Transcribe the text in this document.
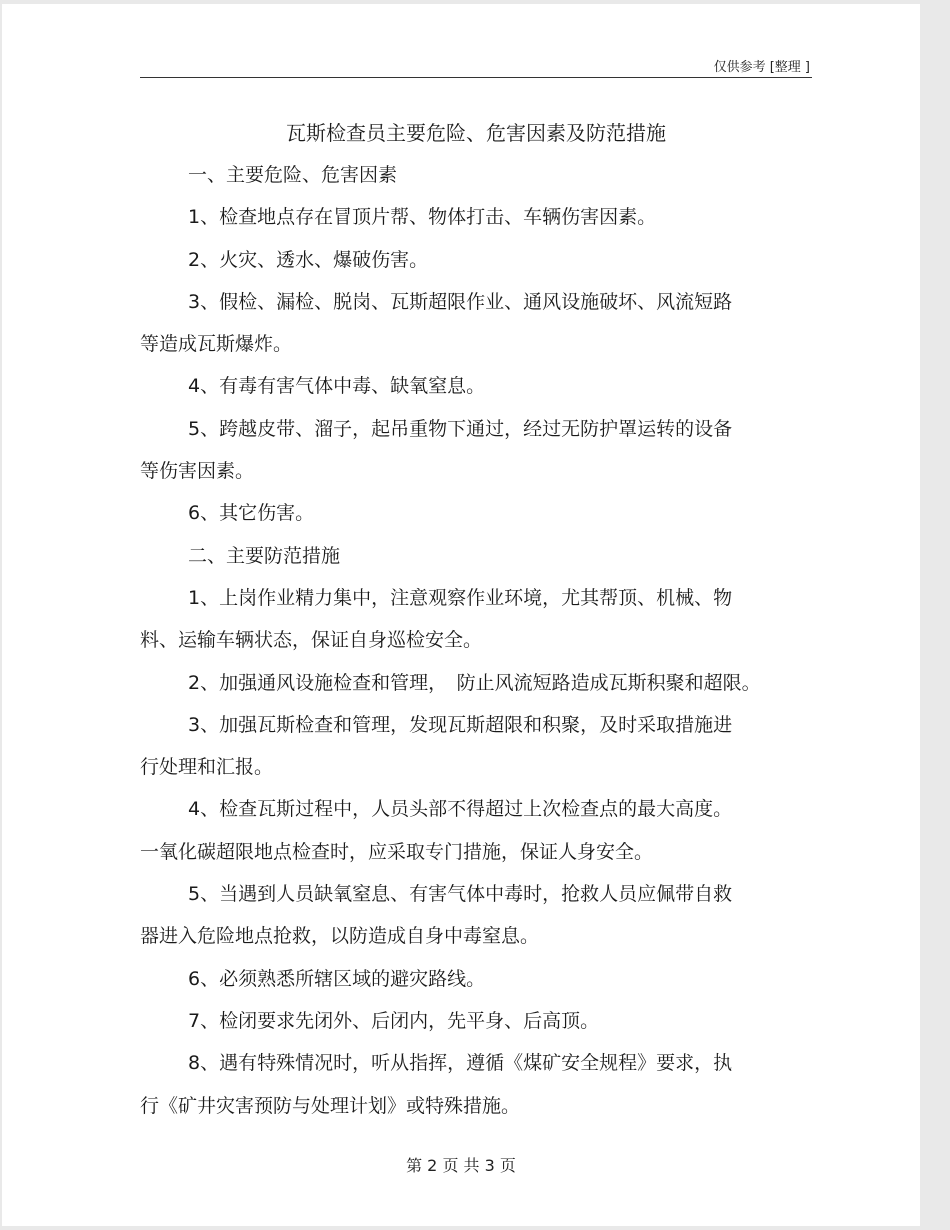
仅供参考 [整理 ]
瓦斯检查员主要危险、危害因素及防范措施

一、主要危险、危害因素

1、检查地点存在冒顶片帮、物体打击、车辆伤害因素。

2、火灾、透水、爆破伤害。

3、假检、漏检、脱岗、瓦斯超限作业、通风设施破坏、风流短路

等造成瓦斯爆炸。

4、有毒有害气体中毒、缺氧窒息。

5、跨越皮带、溜子，起吊重物下通过，经过无防护罩运转的设备

等伤害因素。

6、其它伤害。

二、主要防范措施

1、上岗作业精力集中，注意观察作业环境，尤其帮顶、机械、物

料、运输车辆状态，保证自身巡检安全。

2、加强通风设施检查和管理，　防止风流短路造成瓦斯积聚和超限。

3、加强瓦斯检查和管理，发现瓦斯超限和积聚，及时采取措施进

行处理和汇报。

4、检查瓦斯过程中，人员头部不得超过上次检查点的最大高度。

一氧化碳超限地点检查时，应采取专门措施，保证人身安全。

5、当遇到人员缺氧窒息、有害气体中毒时，抢救人员应佩带自救

器进入危险地点抢救，以防造成自身中毒窒息。

6、必须熟悉所辖区域的避灾路线。

7、检闭要求先闭外、后闭内，先平身、后高顶。

8、遇有特殊情况时，听从指挥，遵循《煤矿安全规程》要求，执

行《矿井灾害预防与处理计划》或特殊措施。

第 2 页 共 3 页
